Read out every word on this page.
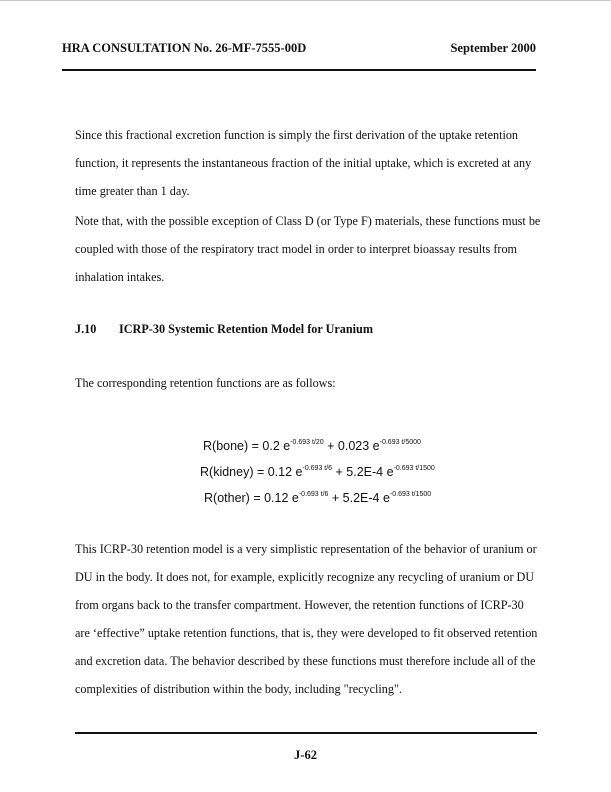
HRA CONSULTATION No. 26-MF-7555-00D	September 2000
Since this fractional excretion function is simply the first derivation of the uptake retention
function, it represents the instantaneous fraction of the initial uptake, which is excreted at any
time greater than 1 day.
Note that, with the possible exception of Class D (or Type F) materials, these functions must be
coupled with those of the respiratory tract model in order to interpret bioassay results from
inhalation intakes.
J.10 ICRP-30 Systemic Retention Model for Uranium
The corresponding retention functions are as follows:
R(bone) = 0.2 $e^{-0.693 t/20} + 0.023$ $e^{-0.693 t/5000}$
R(kidney) = 0.12 $e^{-0.693 t/6} + 5.2E-4$ $e^{-0.693 t/1500}$
R(other) = 0.12 $e^{-0.693 t/6} + 5.2E-4$ $e^{-0.693 t/1500}$
This ICRP-30 retention model is a very simplistic representation of the behavior of uranium or
DU in the body. It does not, for example, explicitly recognize any recycling of uranium or DU
from organs back to the transfer compartment. However, the retention functions of ICRP-30
are ‘effective” uptake retention functions, that is, they were developed to fit observed retention
and excretion data. The behavior described by these functions must therefore include all of the
complexities of distribution within the body, including "recycling".
J-62
